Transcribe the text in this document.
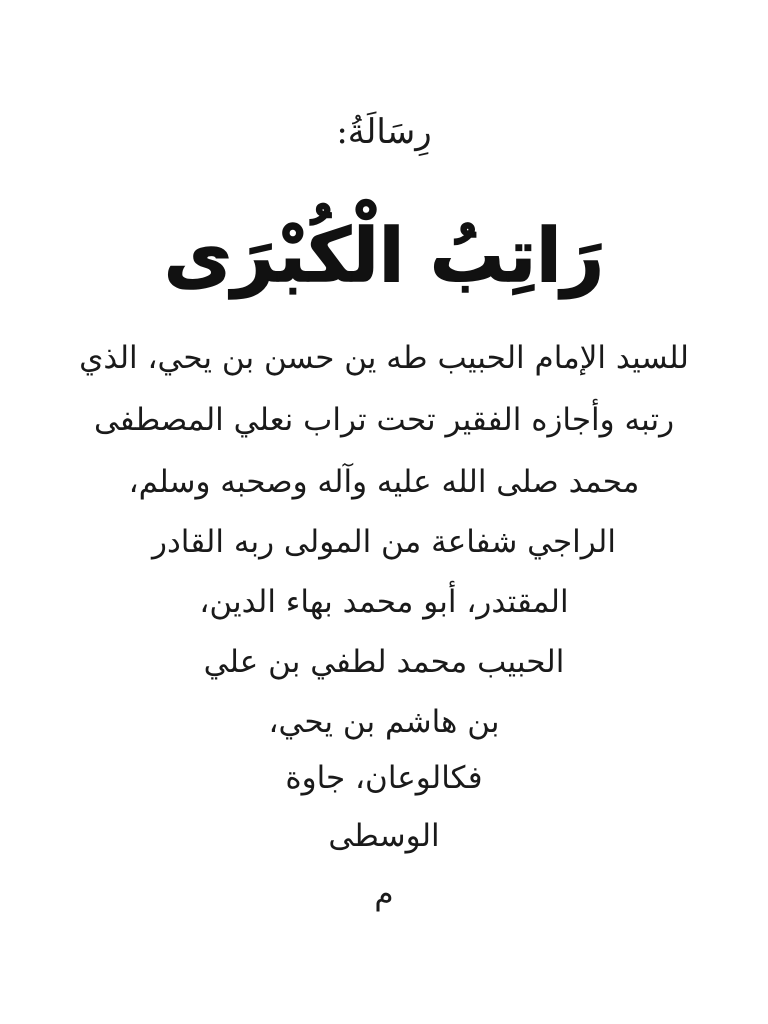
رِسَالَةُ:
رَاتِبُ الْكُبْرَى
للسيد الإمام الحبيب طه ين حسن بن يحي، الذي
رتبه وأجازه الفقير تحت تراب نعلي المصطفى
محمد صلى الله عليه وآله وصحبه وسلم،
الراجي شفاعة من المولى ربه القادر
المقتدر، أبو محمد بهاء الدين،
الحبيب محمد لطفي بن علي
بن هاشم بن يحي،
فكالوعان، جاوة
الوسطى
م
